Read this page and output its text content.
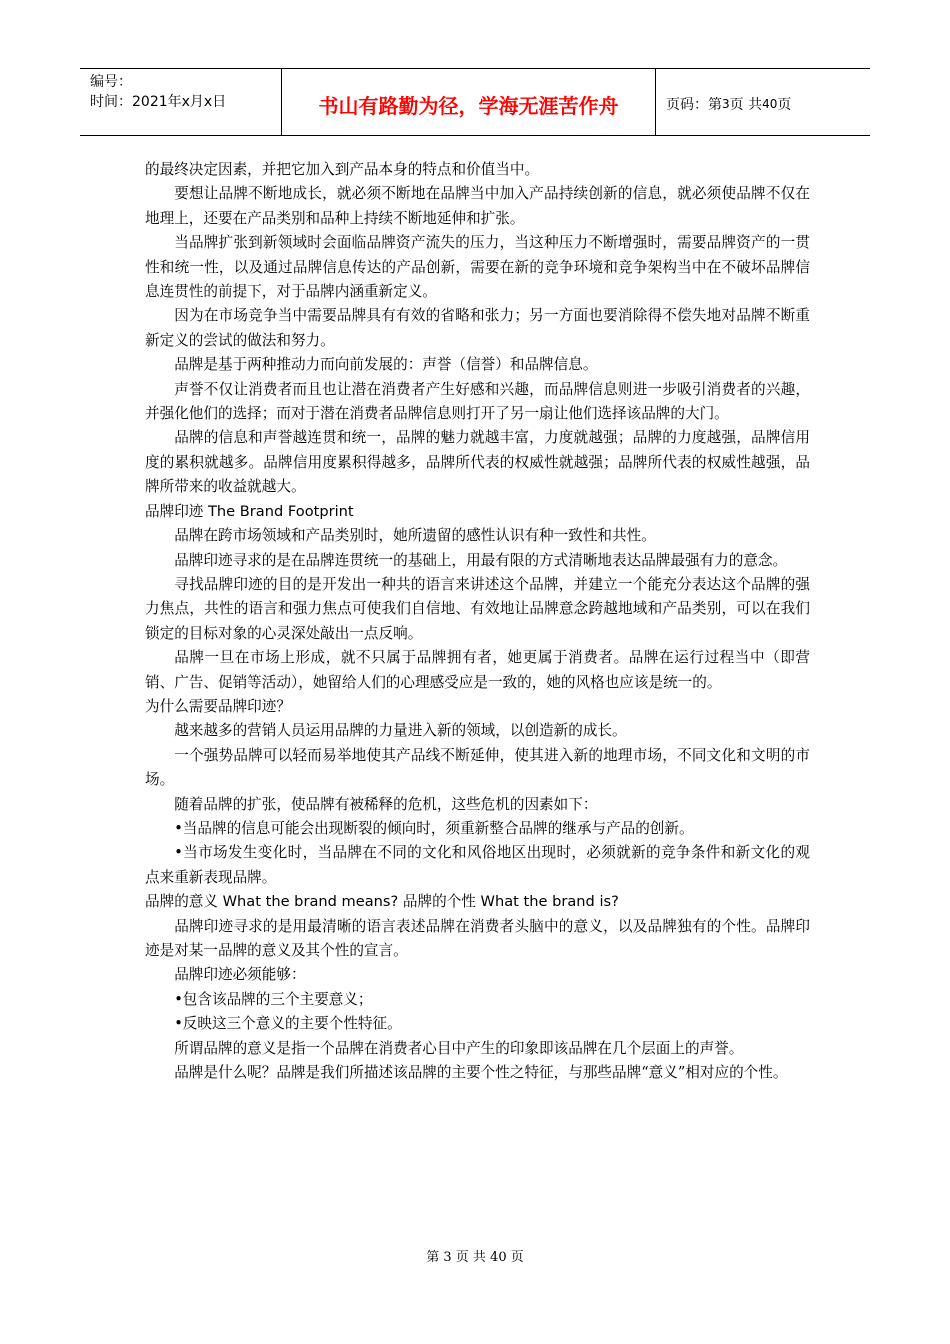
编号：
时间：2021年x月x日	书山有路勤为径，学海无涯苦作舟	页码：第 3 页 共 40 页

的最终决定因素，并把它加入到产品本身的特点和价值当中。

要想让品牌不断地成长，就必须不断地在品牌当中加入产品持续创新的信息，就必须使品牌不仅在地理上，还要在产品类别和品种上持续不断地延伸和扩张。

当品牌扩张到新领域时会面临品牌资产流失的压力，当这种压力不断增强时，需要品牌资产的一贯性和统一性，以及通过品牌信息传达的产品创新，需要在新的竞争环境和竞争架构当中在不破坏品牌信息连贯性的前提下，对于品牌内涵重新定义。

因为在市场竞争当中需要品牌具有有效的省略和张力；另一方面也要消除得不偿失地对品牌不断重新定义的尝试的做法和努力。

品牌是基于两种推动力而向前发展的：声誉（信誉）和品牌信息。

声誉不仅让消费者而且也让潜在消费者产生好感和兴趣，而品牌信息则进一步吸引消费者的兴趣，并强化他们的选择；而对于潜在消费者品牌信息则打开了另一扇让他们选择该品牌的大门。

品牌的信息和声誉越连贯和统一，品牌的魅力就越丰富，力度就越强；品牌的力度越强，品牌信用度的累积就越多。品牌信用度累积得越多，品牌所代表的权威性就越强；品牌所代表的权威性越强，品牌所带来的收益就越大。

品牌印迹 The Brand Footprint

品牌在跨市场领域和产品类别时，她所遗留的感性认识有种一致性和共性。

品牌印迹寻求的是在品牌连贯统一的基础上，用最有限的方式清晰地表达品牌最强有力的意念。

寻找品牌印迹的目的是开发出一种共的语言来讲述这个品牌，并建立一个能充分表达这个品牌的强力焦点，共性的语言和强力焦点可使我们自信地、有效地让品牌意念跨越地域和产品类别，可以在我们锁定的目标对象的心灵深处敲出一点反响。

品牌一旦在市场上形成，就不只属于品牌拥有者，她更属于消费者。品牌在运行过程当中（即营销、广告、促销等活动），她留给人们的心理感受应是一致的，她的风格也应该是统一的。

为什么需要品牌印迹？

越来越多的营销人员运用品牌的力量进入新的领域，以创造新的成长。

一个强势品牌可以轻而易举地使其产品线不断延伸，使其进入新的地理市场，不同文化和文明的市场。

随着品牌的扩张，使品牌有被稀释的危机，这些危机的因素如下：

•当品牌的信息可能会出现断裂的倾向时，须重新整合品牌的继承与产品的创新。

•当市场发生变化时，当品牌在不同的文化和风俗地区出现时，必须就新的竞争条件和新文化的观点来重新表现品牌。

品牌的意义 What the brand means? 品牌的个性 What the brand is?

品牌印迹寻求的是用最清晰的语言表述品牌在消费者头脑中的意义，以及品牌独有的个性。品牌印迹是对某一品牌的意义及其个性的宣言。

品牌印迹必须能够：

•包含该品牌的三个主要意义；

•反映这三个意义的主要个性特征。

所谓品牌的意义是指一个品牌在消费者心目中产生的印象即该品牌在几个层面上的声誉。

品牌是什么呢？品牌是我们所描述该品牌的主要个性之特征，与那些品牌“意义”相对应的个性。

第 3 页 共 40 页
